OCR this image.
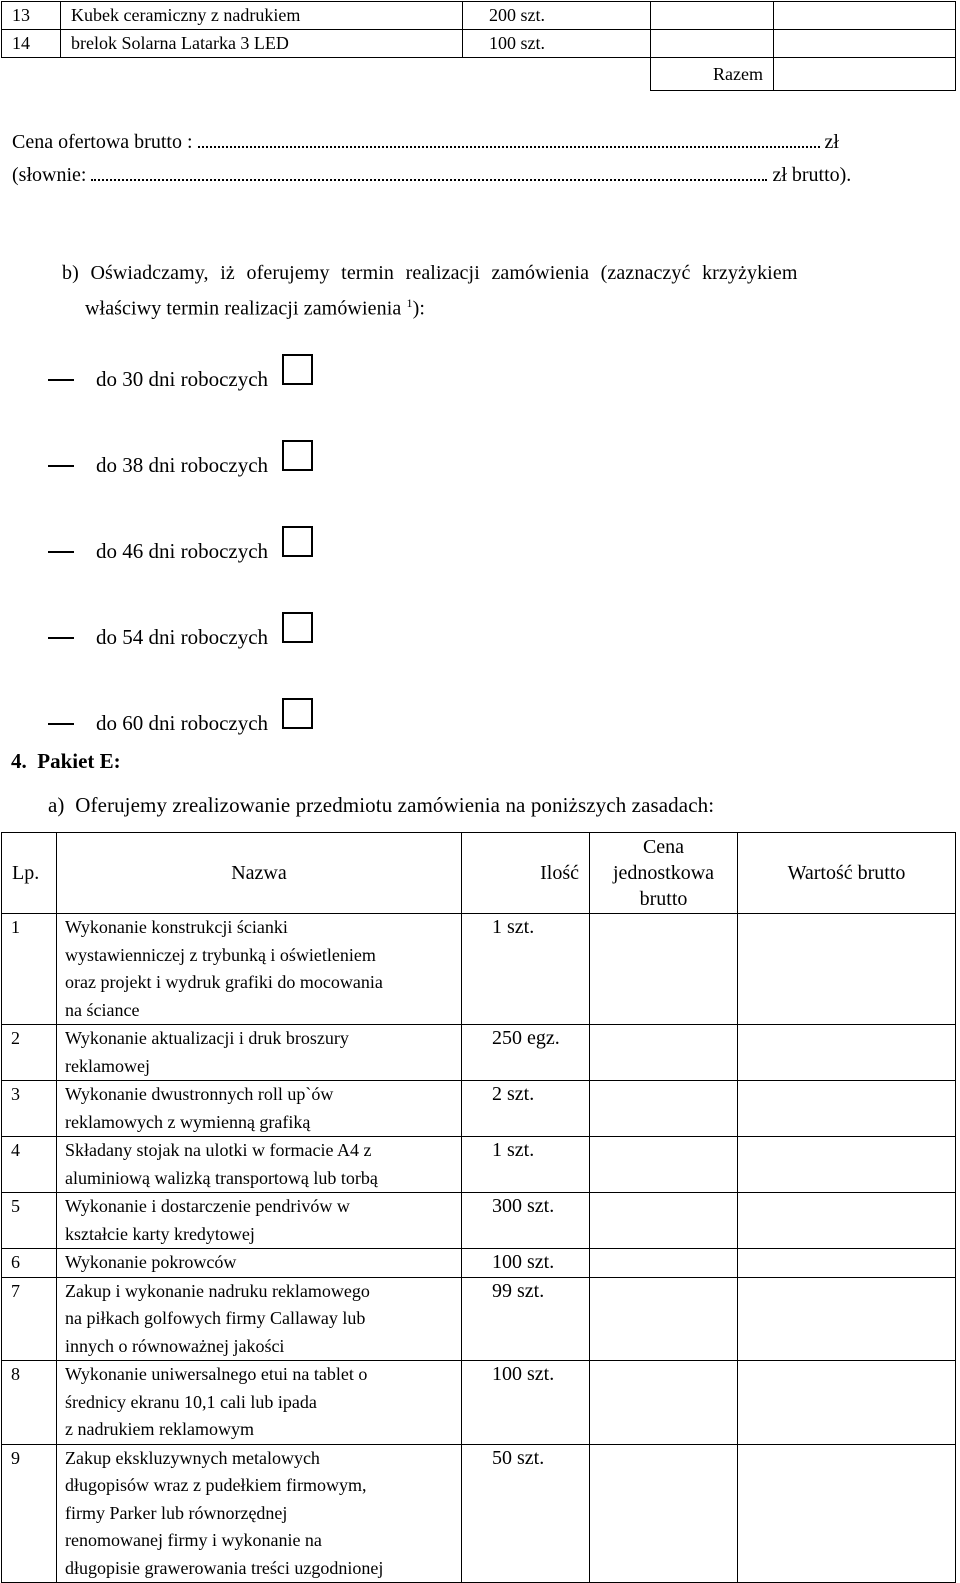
13	Kubek ceramiczny z nadrukiem	200 szt.		
14	brelok Solarna Latarka 3 LED	100 szt.		
			Razem	
Cena ofertowa brutto :	zł
(słownie:	zł brutto).
b) Oświadczamy, iż oferujemy termin realizacji zamówienia (zaznaczyć krzyżykiem
właściwy termin realizacji zamówienia $^1$):
do 30 dni roboczych
do 38 dni roboczych
do 46 dni roboczych
do 54 dni roboczych
do 60 dni roboczych
4.  Pakiet E:
a)  Oferujemy zrealizowanie przedmiotu zamówienia na poniższych zasadach:
Lp.	Nazwa	Ilość	Cena
jednostkowa
brutto	Wartość brutto
1	Wykonanie konstrukcji ścianki
wystawienniczej z trybunką i oświetleniem
oraz projekt i wydruk grafiki do mocowania
na ściance	1 szt.		
2	Wykonanie aktualizacji i druk broszury
reklamowej	250 egz.		
3	Wykonanie dwustronnych roll up`ów
reklamowych z wymienną grafiką	2 szt.		
4	Składany stojak na ulotki w formacie A4 z
aluminiową walizką transportową lub torbą	1 szt.		
5	Wykonanie i dostarczenie pendrivów w
kształcie karty kredytowej	300 szt.		
6	Wykonanie pokrowców	100 szt.		
7	Zakup i wykonanie nadruku reklamowego
na piłkach golfowych firmy Callaway lub
innych o równoważnej jakości	99 szt.		
8	Wykonanie uniwersalnego etui na tablet o
średnicy ekranu 10,1 cali lub ipada
z nadrukiem reklamowym	100 szt.		
9	Zakup ekskluzywnych metalowych
długopisów wraz z pudełkiem firmowym,
firmy Parker lub równorzędnej
renomowanej firmy i wykonanie na
długopisie grawerowania treści uzgodnionej	50 szt.		
